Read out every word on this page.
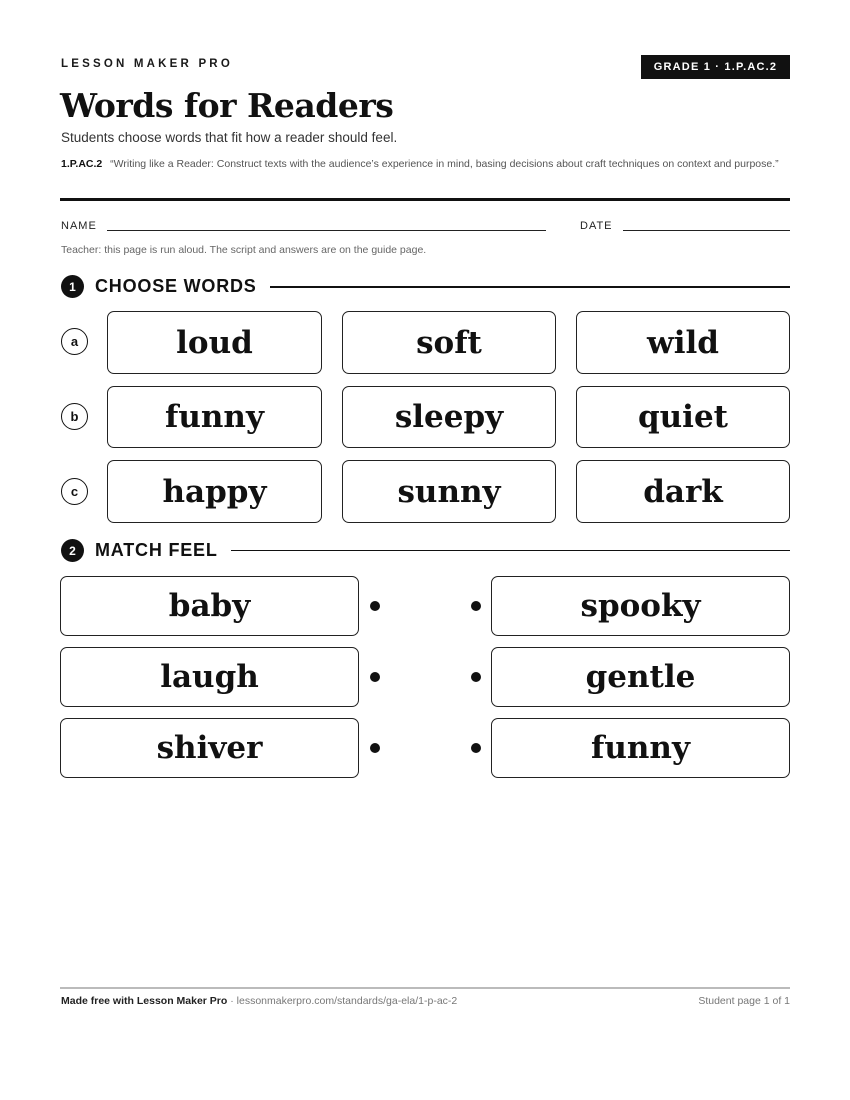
LESSON MAKER PRO	GRADE 1 · 1.P.AC.2
Words for Readers
Students choose words that fit how a reader should feel.
1.P.AC.2 “Writing like a Reader: Construct texts with the audience’s experience in mind, basing decisions about craft techniques on context and purpose.”
NAME	DATE
Teacher: this page is run aloud. The script and answers are on the guide page.
1	CHOOSE WORDS
a	loud	soft	wild
b	funny	sleepy	quiet
c	happy	sunny	dark
2	MATCH FEEL
baby	spooky
laugh	gentle
shiver	funny
Made free with Lesson Maker Pro · lessonmakerpro.com/standards/ga-ela/1-p-ac-2	Student page 1 of 1
